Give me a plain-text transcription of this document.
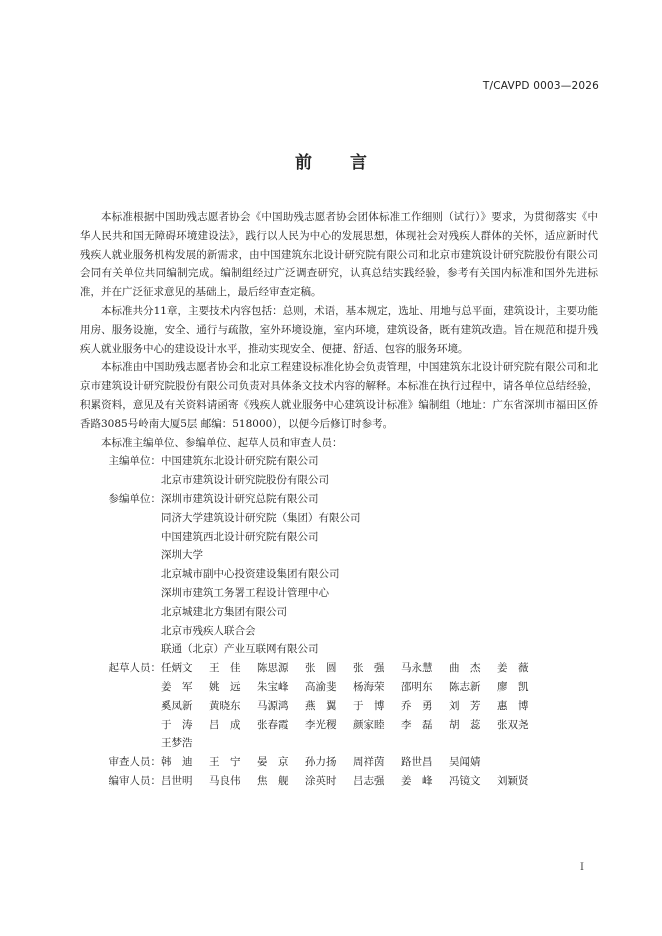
T/CAVPD 0003—2026
前 言

本标准根据中国助残志愿者协会《中国助残志愿者协会团体标准工作细则（试行）》要求，为贯彻落实《中华人民共和国无障碍环境建设法》，践行以人民为中心的发展思想，体现社会对残疾人群体的关怀，适应新时代残疾人就业服务机构发展的新需求，由中国建筑东北设计研究院有限公司和北京市建筑设计研究院股份有限公司会同有关单位共同编制完成。编制组经过广泛调查研究，认真总结实践经验，参考有关国内标准和国外先进标准，并在广泛征求意见的基础上，最后经审查定稿。

本标准共分11章，主要技术内容包括：总则，术语，基本规定，选址、用地与总平面，建筑设计，主要功能用房、服务设施，安全、通行与疏散，室外环境设施，室内环境，建筑设备，既有建筑改造。旨在规范和提升残疾人就业服务中心的建设设计水平，推动实现安全、便捷、舒适、包容的服务环境。

本标准由中国助残志愿者协会和北京工程建设标准化协会负责管理，中国建筑东北设计研究院有限公司和北京市建筑设计研究院股份有限公司负责对具体条文技术内容的解释。本标准在执行过程中，请各单位总结经验，积累资料，意见及有关资料请函寄《残疾人就业服务中心建筑设计标准》编制组（地址：广东省深圳市福田区侨香路3085号岭南大厦5层 邮编：518000），以便今后修订时参考。

本标准主编单位、参编单位、起草人员和审查人员：

主编单位： 中国建筑东北设计研究院有限公司
北京市建筑设计研究院股份有限公司
参编单位： 深圳市建筑设计研究总院有限公司
同济大学建筑设计研究院（集团）有限公司
中国建筑西北设计研究院有限公司
深圳大学
北京城市副中心投资建设集团有限公司
深圳市建筑工务署工程设计管理中心
北京城建北方集团有限公司
北京市残疾人联合会
联通（北京）产业互联网有限公司
起草人员： 任炳文	王　佳	陈思源	张　圆	张　强	马永慧	曲　杰	姜　薇
姜　军	姚　远	朱宝峰	高渝斐	杨海荣	邵明东	陈志新	廖　凯
奚凤新	黄晓东	马源鸿	燕　翼	于　博	乔　勇	刘　芳	惠　博
于　涛	吕　成	张春霞	李光稷	颜家睦	李　磊	胡　蕊	张双尧
王梦浩
审查人员： 韩　迪	王　宁	晏　京	孙力扬	周祥茵	路世昌	吴闻婧
编审人员： 吕世明	马良伟	焦　舰	涂英时	吕志强	姜　峰	冯镜文	刘颖贤
I
